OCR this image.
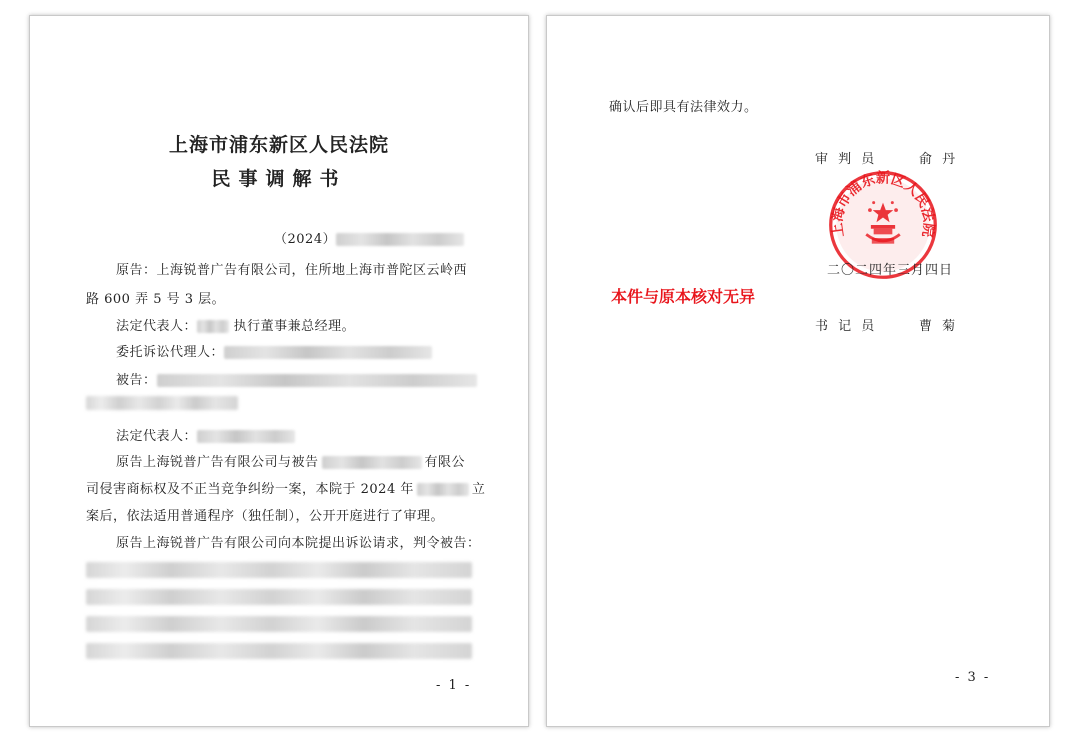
上海市浦东新区人民法院
民事调解书
（2024）
原告：上海锐普广告有限公司，住所地上海市普陀区云岭西
路 600 弄 5 号 3 层。
法定代表人：	执行董事兼总经理。
委托诉讼代理人：
被告：
法定代表人：
原告上海锐普广告有限公司与被告	有限公
司侵害商标权及不正当竞争纠纷一案，本院于 2024 年	立
案后，依法适用普通程序（独任制），公开开庭进行了审理。
原告上海锐普广告有限公司向本院提出诉讼请求，判令被告：
- 1 -
确认后即具有法律效力。
审 判 员	俞 丹
上海市浦东新区人民法院
二〇二四年三月四日
本件与原本核对无异
书 记 员	曹 菊
- 3 -
